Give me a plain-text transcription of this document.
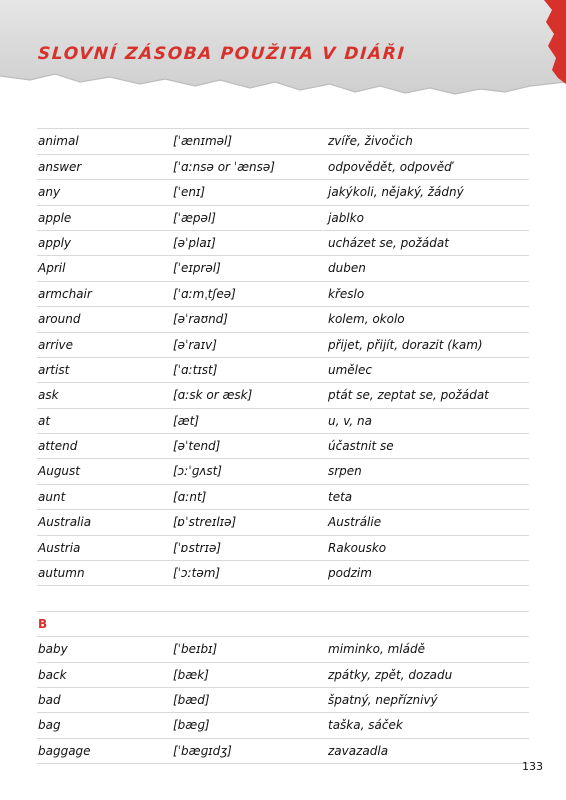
SLOVNÍ ZÁSOBA POUŽITA V DIÁŘI
animal	[ˈænɪməl]	zvíře, živočich
answer	[ˈɑːnsə or ˈænsə]	odpovědět, odpověď
any	[ˈenɪ]	jakýkoli, nějaký, žádný
apple	[ˈæpəl]	jablko
apply	[əˈplaɪ]	ucházet se, požádat
April	[ˈeɪprəl]	duben
armchair	[ˈɑːmˌtʃeə]	křeslo
around	[əˈraʊnd]	kolem, okolo
arrive	[əˈraɪv]	přijet, přijít, dorazit (kam)
artist	[ˈɑːtɪst]	umělec
ask	[ɑːsk or æsk]	ptát se, zeptat se, požádat
at	[æt]	u, v, na
attend	[əˈtend]	účastnit se
August	[ɔːˈɡʌst]	srpen
aunt	[ɑːnt]	teta
Australia	[ɒˈstreɪlɪə]	Austrálie
Austria	[ˈɒstrɪə]	Rakousko
autumn	[ˈɔːtəm]	podzim
B
baby	[ˈbeɪbɪ]	miminko, mládě
back	[bæk]	zpátky, zpět, dozadu
bad	[bæd]	špatný, nepříznivý
bag	[bæɡ]	taška, sáček
baggage	[ˈbæɡɪdʒ]	zavazadla
133
